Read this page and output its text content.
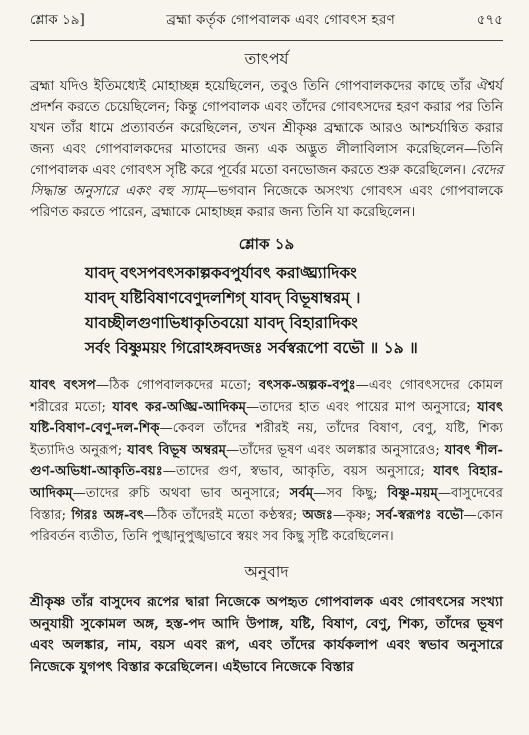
শ্লোক ১৯]	ব্রহ্মা কর্তৃক গোপবালক এবং গোবৎস হরণ	৫৭৫
তাৎপর্য

ব্রহ্মা যদিও ইতিমধ্যেই মোহাচ্ছন্ন হয়েছিলেন, তবুও তিনি গোপবালকদের কাছে তাঁর ঐশ্বর্য প্রদর্শন করতে চেয়েছিলেন; কিন্তু গোপবালক এবং তাঁদের গোবৎসদের হরণ করার পর তিনি যখন তাঁর ধামে প্রত্যাবর্তন করেছিলেন, তখন শ্রীকৃষ্ণ ব্রহ্মাকে আরও আশ্চর্যান্বিত করার জন্য এবং গোপবালকদের মাতাদের জন্য এক অদ্ভুত লীলাবিলাস করেছিলেন—তিনি গোপবালক এবং গোবৎস সৃষ্টি করে পূর্বের মতো বনভোজন করতে শুরু করেছিলেন। বেদের সিদ্ধান্ত অনুসারে একং বহু স্যাম্—ভগবান নিজেকে অসংখ্য গোবৎস এবং গোপবালকে পরিণত করতে পারেন, ব্রহ্মাকে মোহাচ্ছন্ন করার জন্য তিনি যা করেছিলেন।

শ্লোক ১৯
যাবদ্ বৎসপবৎসকাল্পকবপুর্যাবৎ করাঙ্ঘ্র্যাদিকং
যাবদ্ যষ্টিবিষাণবেণুদলশিগ্ যাবদ্ বিভূষাম্বরম্ ।
যাবচ্ছীলগুণাভিধাকৃতিবয়ো যাবদ্ বিহারাদিকং
সর্বং বিষ্ণুময়ং গিরোঽঙ্গবদজঃ সর্বস্বরূপো বভৌ ॥ ১৯ ॥

যাবৎ বৎসপ—ঠিক গোপবালকদের মতো; বৎসক-অল্পক-বপুঃ—এবং গোবৎসদের কোমল শরীরের মতো; যাবৎ কর-অঙ্ঘ্রি-আদিকম্—তাদের হাত এবং পায়ের মাপ অনুসারে; যাবৎ যষ্টি-বিষাণ-বেণু-দল-শিক্—কেবল তাঁদের শরীরই নয়, তাঁদের বিষাণ, বেণু, যষ্টি, শিক্য ইত্যাদিও অনুরূপ; যাবৎ বিভূষ অম্বরম্—তাঁদের ভূষণ এবং অলঙ্কার অনুসারেও; যাবৎ শীল-গুণ-অভিধা-আকৃতি-বয়ঃ—তাদের গুণ, স্বভাব, আকৃতি, বয়স অনুসারে; যাবৎ বিহার-আদিকম্—তাদের রুচি অথবা ভাব অনুসারে; সর্বম্—সব কিছু; বিষ্ণু-ময়ম্—বাসুদেবের বিস্তার; গিরঃ অঙ্গ-বৎ—ঠিক তাঁদেরই মতো কণ্ঠস্বর; অজঃ—কৃষ্ণ; সর্ব-স্বরূপঃ বভৌ—কোন পরিবর্তন ব্যতীত, তিনি পুঙ্খানুপুঙ্খভাবে স্বয়ং সব কিছু সৃষ্টি করেছিলেন।

অনুবাদ

শ্রীকৃষ্ণ তাঁর বাসুদেব রূপের দ্বারা নিজেকে অপহৃত গোপবালক এবং গোবৎসের সংখ্যা অনুযায়ী সুকোমল অঙ্গ, হস্ত-পদ আদি উপাঙ্গ, যষ্টি, বিষাণ, বেণু, শিক্য, তাঁদের ভূষণ এবং অলঙ্কার, নাম, বয়স এবং রূপ, এবং তাঁদের কার্যকলাপ এবং স্বভাব অনুসারে নিজেকে যুগপৎ বিস্তার করেছিলেন। এইভাবে নিজেকে বিস্তার
